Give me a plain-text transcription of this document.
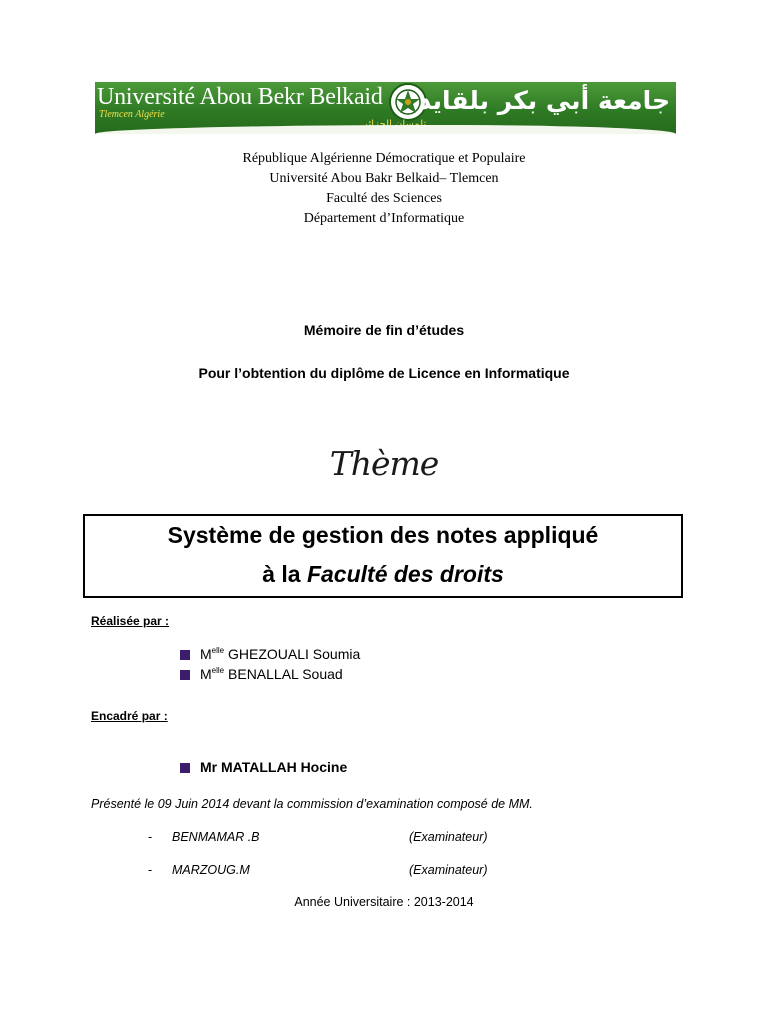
Université Abou Bekr Belkaid
Tlemcen Algérie	جامعة أبي بكر بلقايد
République Algérienne Démocratique et Populaire
Université Abou Bakr Belkaid– Tlemcen
Faculté des Sciences
Département d’Informatique
Mémoire de fin d’études
Pour l’obtention du diplôme de Licence en Informatique
Thème
Système de gestion des notes appliqué
à la Faculté des droits
Réalisée par :
$M^{elle}$ GHEZOUALI Soumia
$M^{elle}$ BENALLAL Souad
Encadré par :
Mr MATALLAH Hocine
Présenté le 09 Juin 2014 devant la commission d’examination composé de MM.
- BENMAMAR .B	(Examinateur)
- MARZOUG.M	(Examinateur)
Année Universitaire : 2013-2014
